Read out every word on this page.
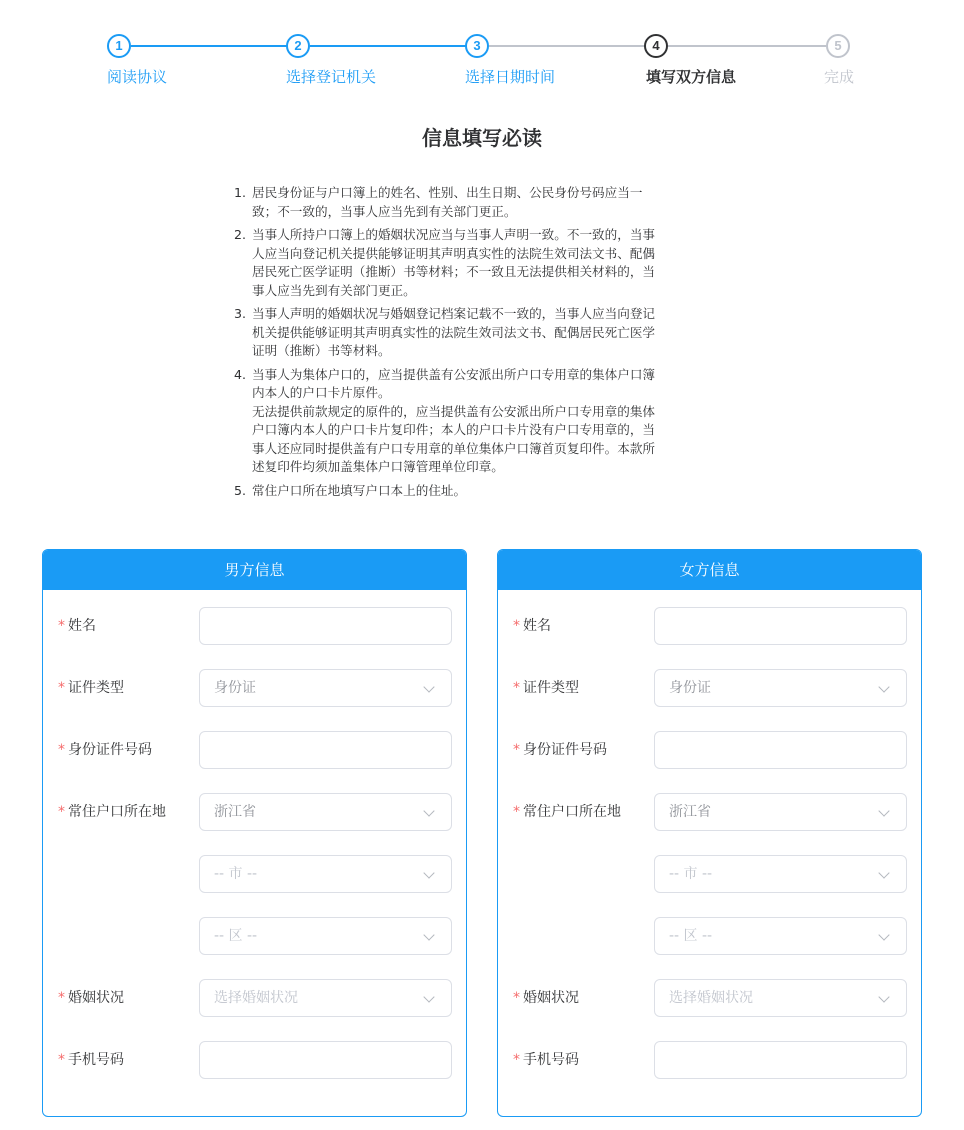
1
阅读协议
2
选择登记机关
3
选择日期时间
4
填写双方信息
5
完成
信息填写必读
1. 居民身份证与户口簿上的姓名、性别、出生日期、公民身份号码应当一
致；不一致的，当事人应当先到有关部门更正。
2. 当事人所持户口簿上的婚姻状况应当与当事人声明一致。不一致的，当事
人应当向登记机关提供能够证明其声明真实性的法院生效司法文书、配偶
居民死亡医学证明（推断）书等材料；不一致且无法提供相关材料的，当
事人应当先到有关部门更正。
3. 当事人声明的婚姻状况与婚姻登记档案记载不一致的，当事人应当向登记
机关提供能够证明其声明真实性的法院生效司法文书、配偶居民死亡医学
证明（推断）书等材料。
4. 当事人为集体户口的，应当提供盖有公安派出所户口专用章的集体户口簿
内本人的户口卡片原件。
无法提供前款规定的原件的，应当提供盖有公安派出所户口专用章的集体
户口簿内本人的户口卡片复印件；本人的户口卡片没有户口专用章的，当
事人还应同时提供盖有户口专用章的单位集体户口簿首页复印件。本款所
述复印件均须加盖集体户口簿管理单位印章。
5. 常住户口所在地填写户口本上的住址。
男方信息
* 姓名
* 证件类型	身份证
* 身份证件号码
* 常住户口所在地	浙江省
-- 市 --
-- 区 --
* 婚姻状况	选择婚姻状况
* 手机号码
女方信息
* 姓名
* 证件类型	身份证
* 身份证件号码
* 常住户口所在地	浙江省
-- 市 --
-- 区 --
* 婚姻状况	选择婚姻状况
* 手机号码
